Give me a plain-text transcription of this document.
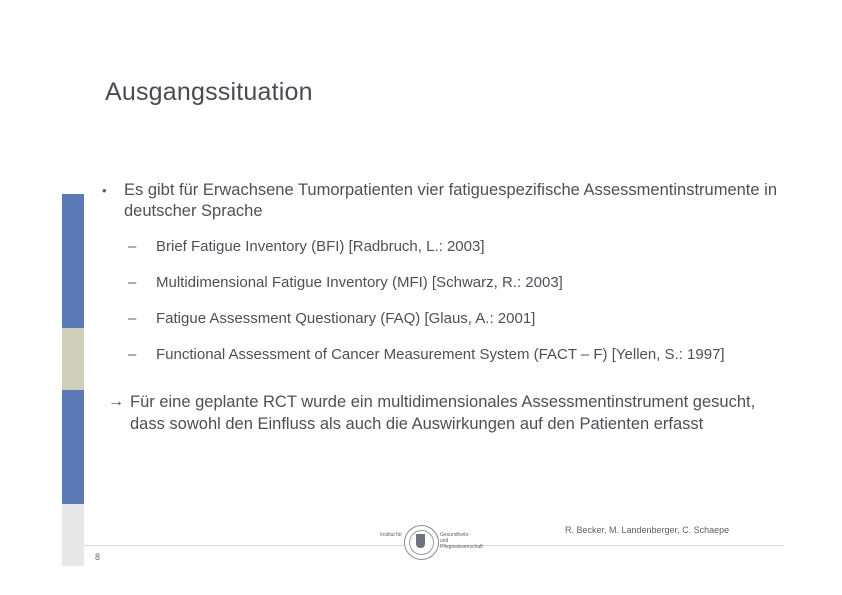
Ausgangssituation
•	Es gibt für Erwachsene Tumorpatienten vier fatiguespezifische Assessmentinstrumente in deutscher Sprache
–	Brief Fatigue Inventory (BFI) [Radbruch, L.: 2003]
–	Multidimensional Fatigue Inventory (MFI) [Schwarz, R.: 2003]
–	Fatigue Assessment Questionary (FAQ) [Glaus, A.: 2001]
–	Functional Assessment of Cancer Measurement System (FACT – F) [Yellen, S.: 1997]
→ Für eine geplante RCT wurde ein multidimensionales Assessmentinstrument gesucht, dass sowohl den Einfluss als auch die Auswirkungen auf den Patienten erfasst
8
R. Becker, M. Landenberger, C. Schaepe
Institut für	Gesundheits- und Pflegewissenschaft
